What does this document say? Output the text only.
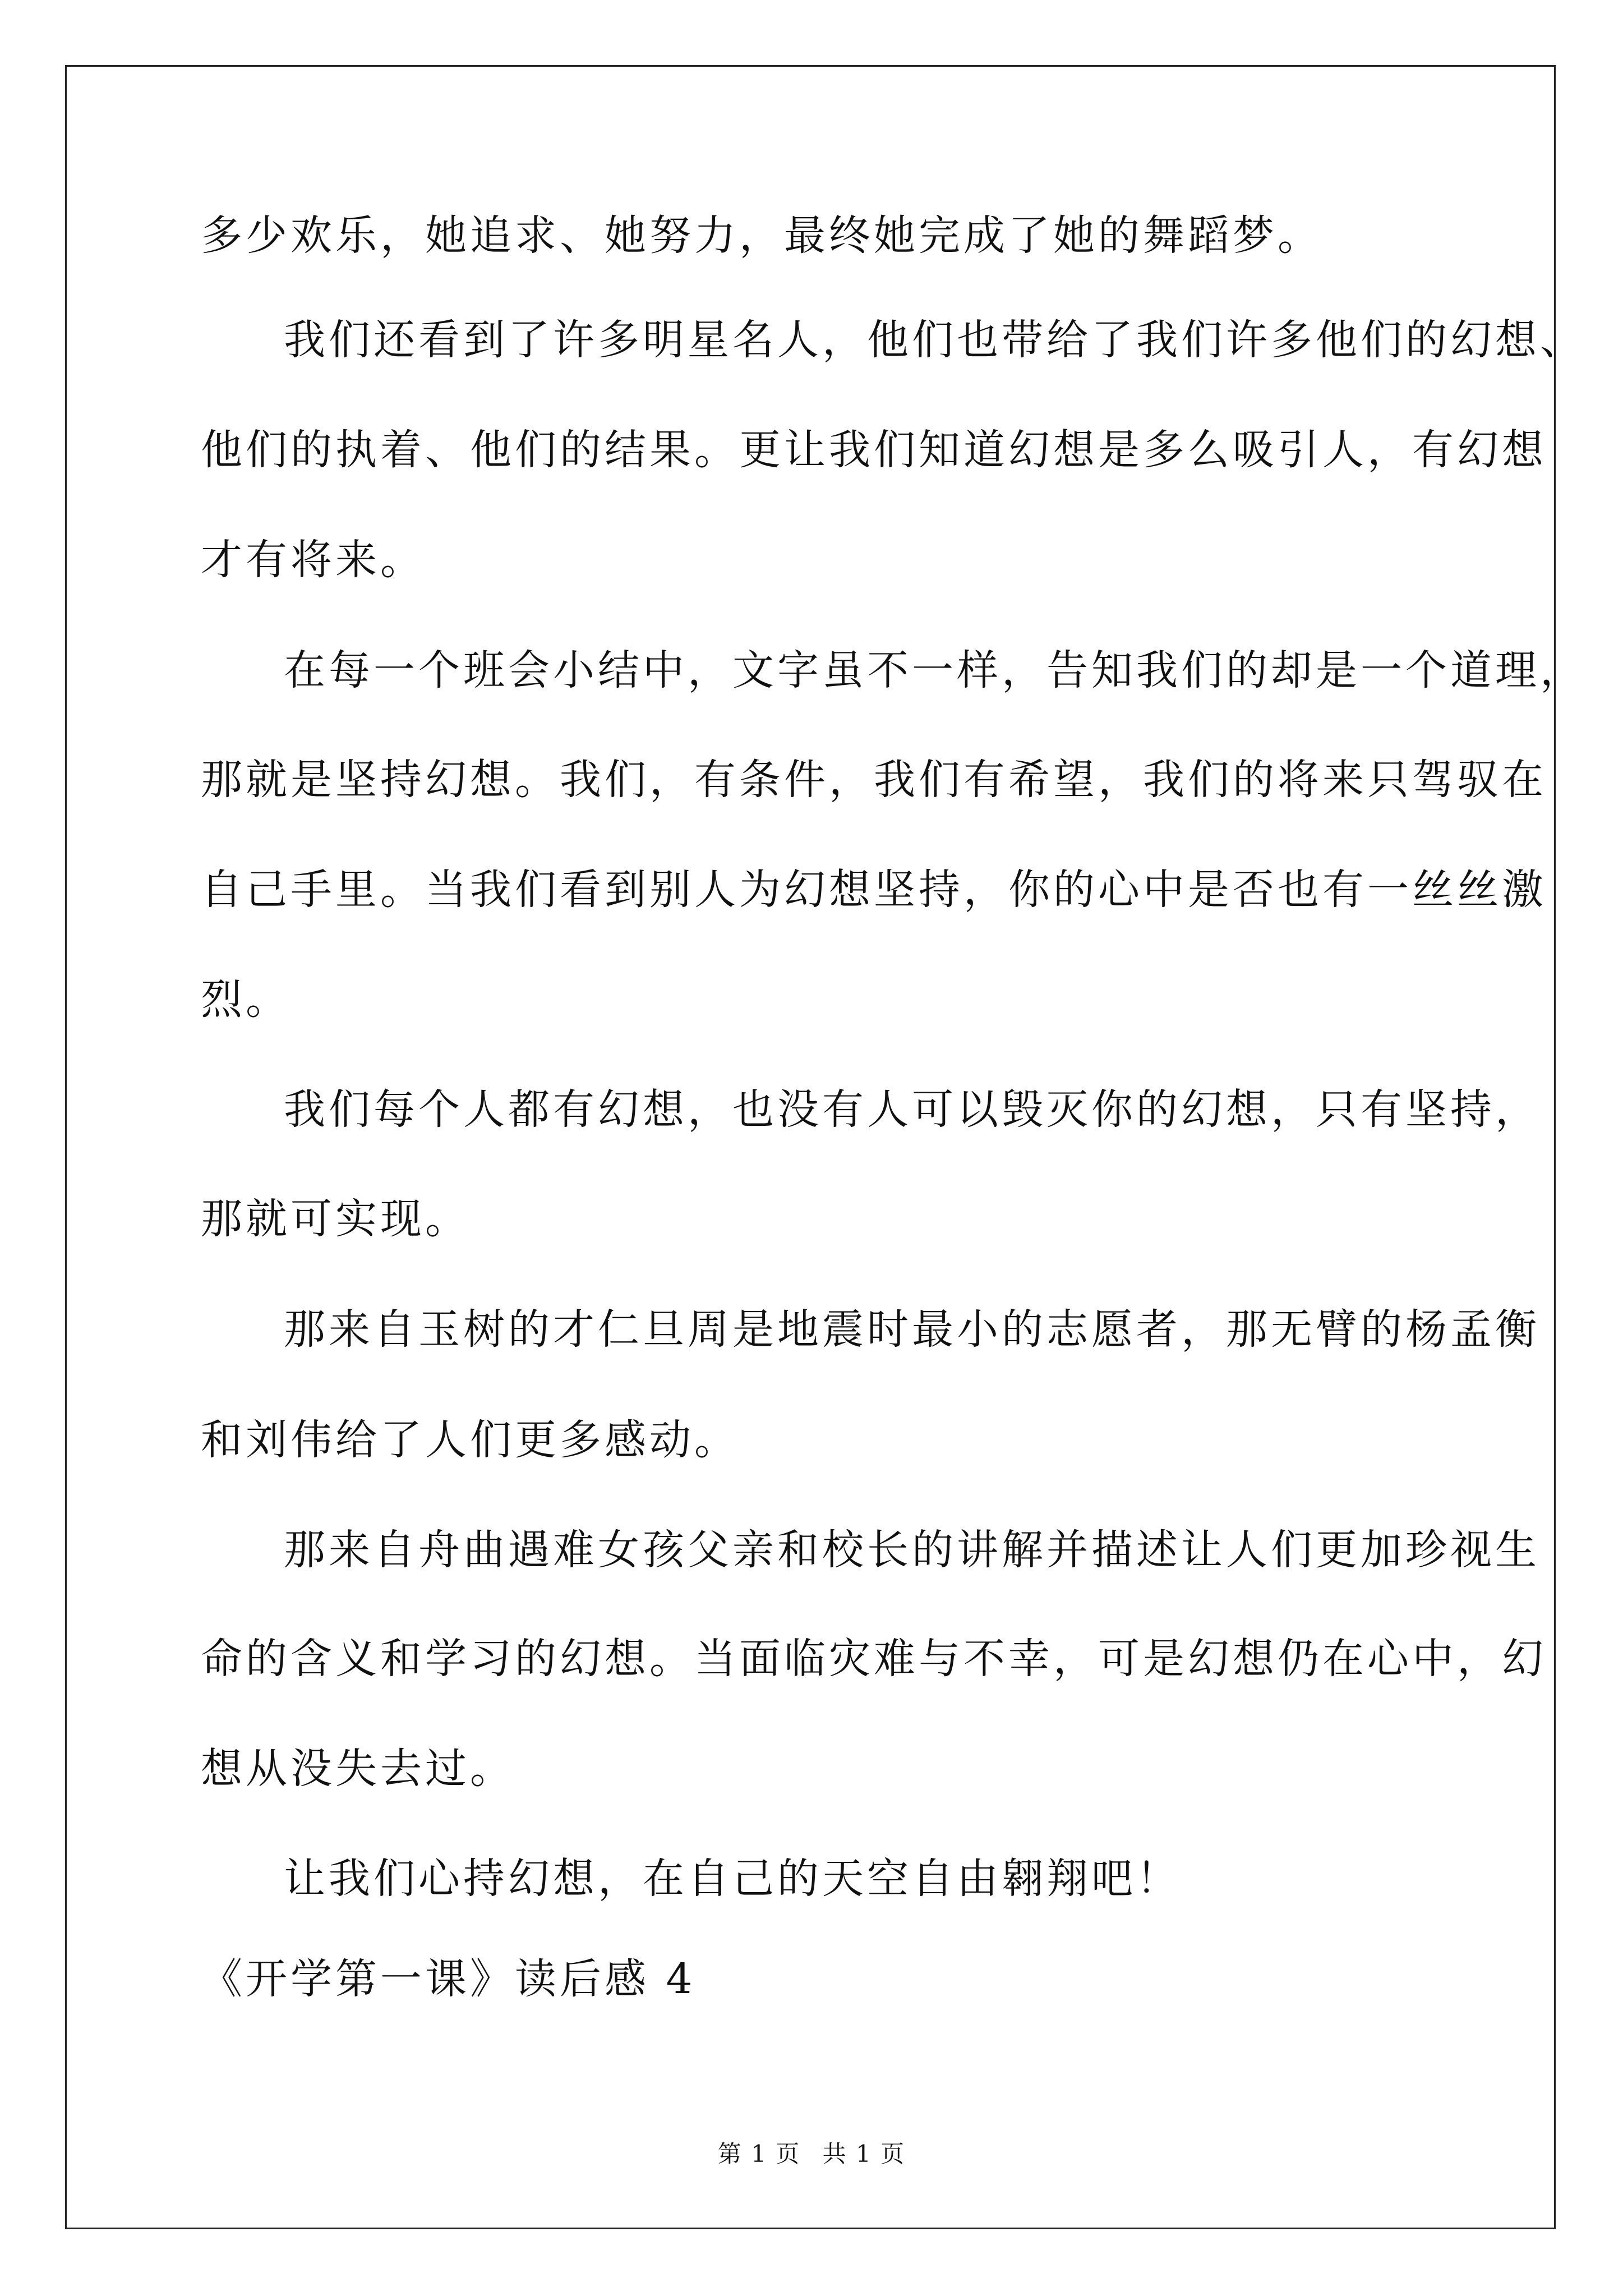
多少欢乐，她追求、她努力，最终她完成了她的舞蹈梦。
我们还看到了许多明星名人，他们也带给了我们许多他们的幻想、
他们的执着、他们的结果。更让我们知道幻想是多么吸引人，有幻想
才有将来。
在每一个班会小结中，文字虽不一样，告知我们的却是一个道理，
那就是坚持幻想。我们，有条件，我们有希望，我们的将来只驾驭在
自己手里。当我们看到别人为幻想坚持，你的心中是否也有一丝丝激
烈。
我们每个人都有幻想，也没有人可以毁灭你的幻想，只有坚持，
那就可实现。
那来自玉树的才仁旦周是地震时最小的志愿者，那无臂的杨孟衡
和刘伟给了人们更多感动。
那来自舟曲遇难女孩父亲和校长的讲解并描述让人们更加珍视生
命的含义和学习的幻想。当面临灾难与不幸，可是幻想仍在心中，幻
想从没失去过。
让我们心持幻想，在自己的天空自由翱翔吧！
《开学第一课》读后感 4
第 1 页 共 1 页
